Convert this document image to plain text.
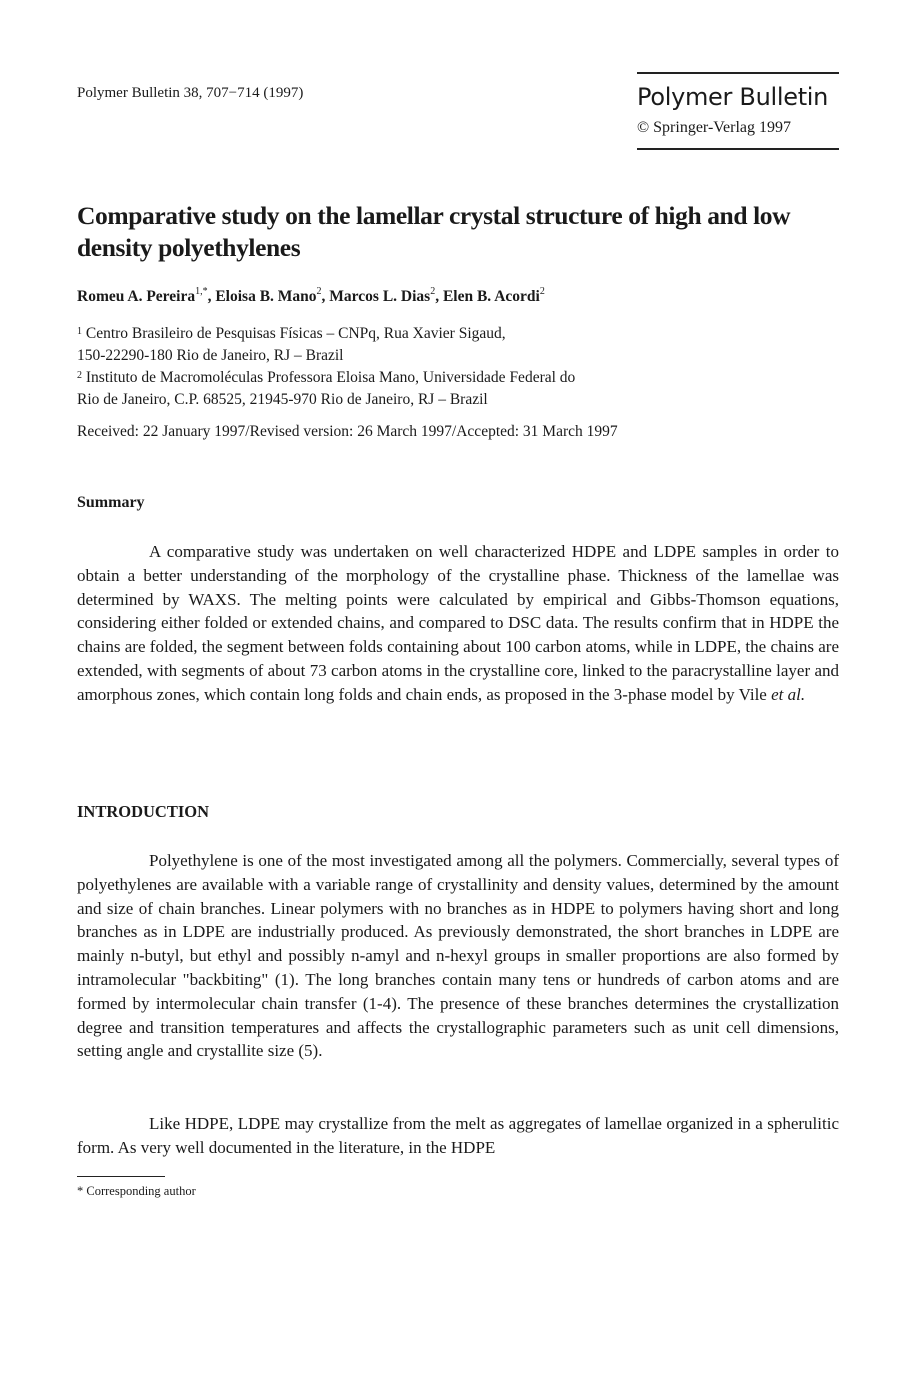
Polymer Bulletin 38, 707−714 (1997)	Polymer Bulletin
© Springer-Verlag 1997
Comparative study on the lamellar crystal structure of high and low density polyethylenes
Romeu A. Pereira$^{1,*}$, Eloisa B. Mano$^2$, Marcos L. Dias$^2$, Elen B. Acordi$^2$
$^1$ Centro Brasileiro de Pesquisas Físicas – CNPq, Rua Xavier Sigaud,
150-22290-180 Rio de Janeiro, RJ – Brazil
$^2$ Instituto de Macromoléculas Professora Eloisa Mano, Universidade Federal do
Rio de Janeiro, C.P. 68525, 21945-970 Rio de Janeiro, RJ – Brazil
Received: 22 January 1997/Revised version: 26 March 1997/Accepted: 31 March 1997
Summary

A comparative study was undertaken on well characterized HDPE and LDPE samples in order to obtain a better understanding of the morphology of the crystalline phase. Thickness of the lamellae was determined by WAXS. The melting points were calculated by empirical and Gibbs-Thomson equations, considering either folded or extended chains, and compared to DSC data. The results confirm that in HDPE the chains are folded, the segment between folds containing about 100 carbon atoms, while in LDPE, the chains are extended, with segments of about 73 carbon atoms in the crystalline core, linked to the paracrystalline layer and amorphous zones, which contain long folds and chain ends, as proposed in the 3-phase model by Vile et al.

INTRODUCTION

Polyethylene is one of the most investigated among all the polymers. Commercially, several types of polyethylenes are available with a variable range of crystallinity and density values, determined by the amount and size of chain branches. Linear polymers with no branches as in HDPE to polymers having short and long branches as in LDPE are industrially produced. As previously demonstrated, the short branches in LDPE are mainly n-butyl, but ethyl and possibly n-amyl and n-hexyl groups in smaller proportions are also formed by intramolecular "backbiting" (1). The long branches contain many tens or hundreds of carbon atoms and are formed by intermolecular chain transfer (1-4). The presence of these branches determines the crystallization degree and transition temperatures and affects the crystallographic parameters such as unit cell dimensions, setting angle and crystallite size (5).

Like HDPE, LDPE may crystallize from the melt as aggregates of lamellae organized in a spherulitic form. As very well documented in the literature, in the HDPE

* Corresponding author
